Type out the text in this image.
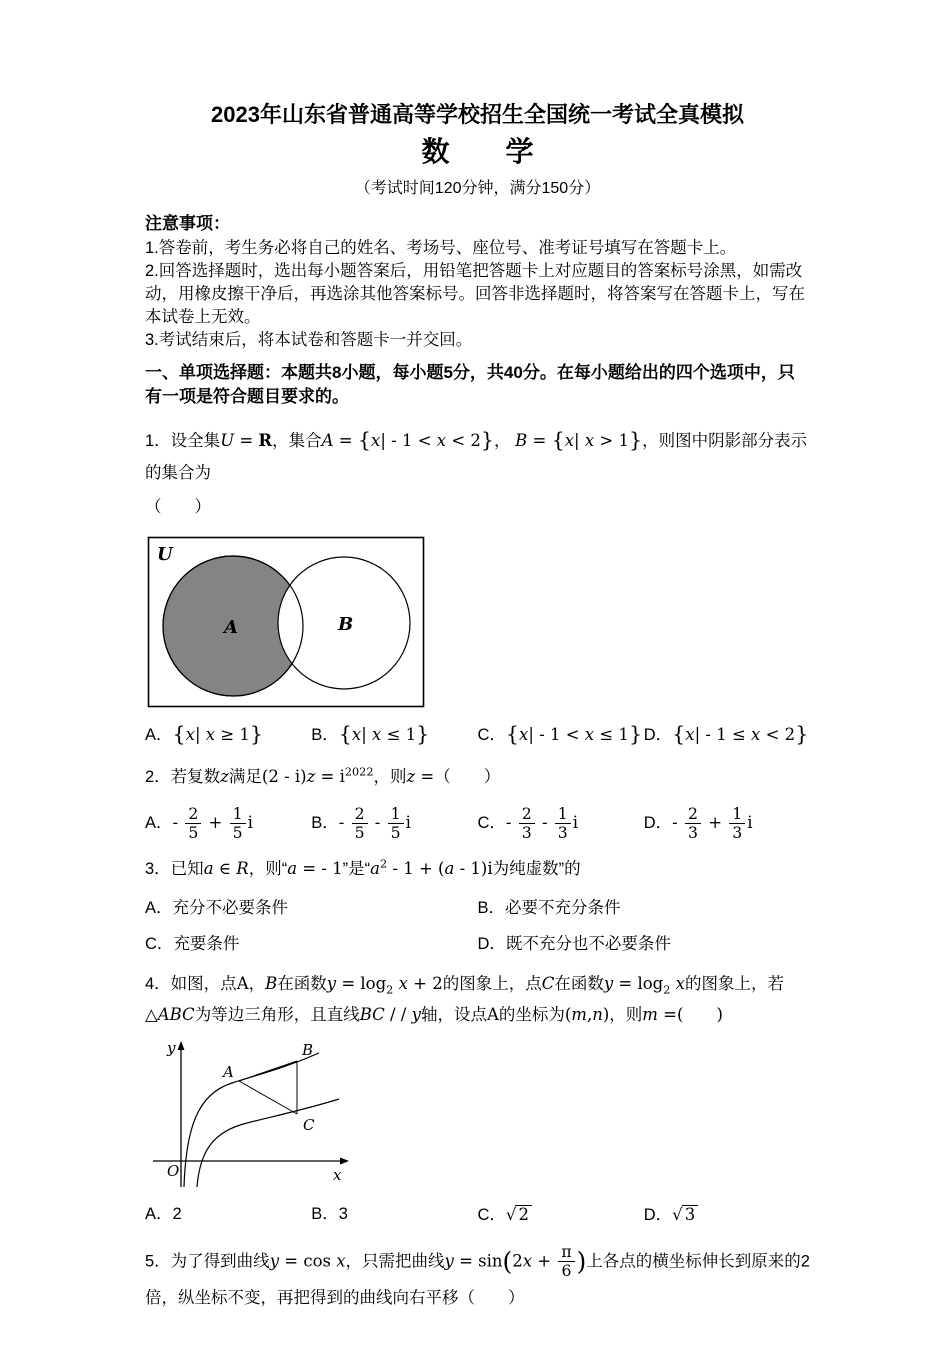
2023年山东省普通高等学校招生全国统一考试全真模拟
数　　学
（考试时间120分钟，满分150分）
注意事项：
1.答卷前，考生务必将自己的姓名、考场号、座位号、准考证号填写在答题卡上。
2.回答选择题时，选出每小题答案后，用铅笔把答题卡上对应题目的答案标号涂黑，如需改动，用橡皮擦干净后，再选涂其他答案标号。回答非选择题时，将答案写在答题卡上，写在本试卷上无效。
3.考试结束后，将本试卷和答题卡一并交回。
一、单项选择题：本题共8小题，每小题5分，共40分。在每小题给出的四个选项中，只有一项是符合题目要求的。

1．设全集U = R，集合A = {x| - 1 < x < 2}， B = {x| x > 1}，则图中阴影部分表示的集合为

（　　）

U
A	B
A．{x| x ≥ 1}	B．{x| x ≤ 1}	C．{x| - 1 < x ≤ 1} D．{x| - 1 ≤ x < 2}

2．若复数z满足$(2 - i)z = i^{2022}$，则z =（　　）

A．- $\frac{2}{5} + \frac{1}{5}$ i	B．- $\frac{2}{5} - \frac{1}{5}$ i	C．- $\frac{2}{3} - \frac{1}{3}$ i	D．- $\frac{2}{3} + \frac{1}{3}$ i

3．已知a ∈ R，则“a = - 1”是“$a^2 - 1 + (a - 1)i$为纯虚数”的

A．充分不必要条件	B．必要不充分条件
C．充要条件	D．既不充分也不必要条件

4．如图，点A，B在函数$y = \log_2 x + 2$的图象上，点C在函数$y = \log_2 x$的图象上，若△ABC为等边三角形，且直线BC / / y轴，设点A的坐标为(m,n)，则m =(　　)

y
x
O
A
B
C
A．2	B．3	C． √ 2	D． √ 3

5．为了得到曲线y = cos x，只需把曲线$y = \sin(2x + \frac{\pi}{6}$ )上各点的横坐标伸长到原来的2倍，纵坐标不变，再把得到的曲线向右平移（　　）
